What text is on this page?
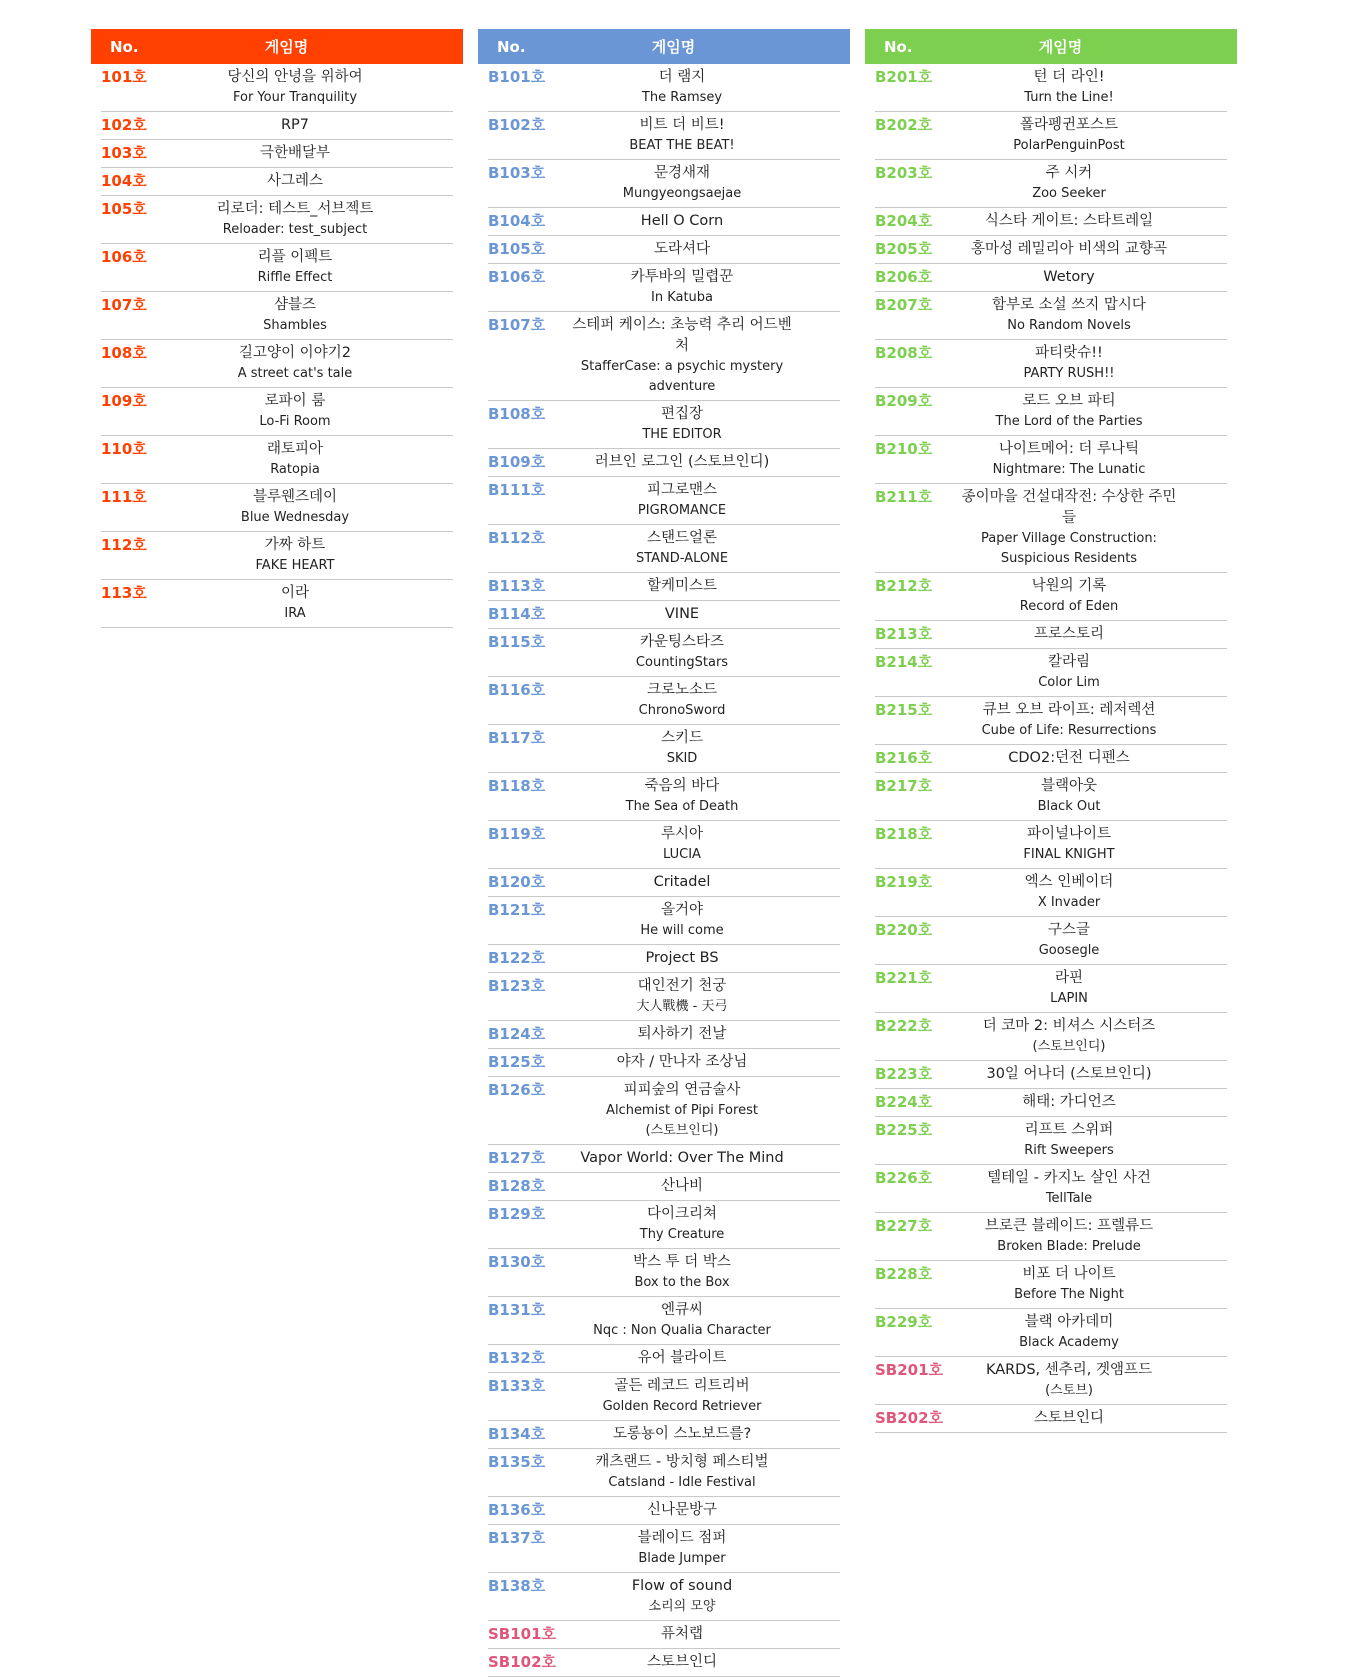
No.	게임명
101호	당신의 안녕을 위하여
For Your Tranquility
102호	RP7
103호	극한배달부
104호	사그레스
105호	리로더: 테스트_서브젝트
Reloader: test_subject
106호	리플 이펙트
Riffle Effect
107호	샴블즈
Shambles
108호	길고양이 이야기2
A street cat's tale
109호	로파이 룸
Lo-Fi Room
110호	래토피아
Ratopia
111호	블루웬즈데이
Blue Wednesday
112호	가짜 하트
FAKE HEART
113호	이라
IRA
No.	게임명
B101호	더 램지
The Ramsey
B102호	비트 더 비트!
BEAT THE BEAT!
B103호	문경새재
Mungyeongsaejae
B104호	Hell O Corn
B105호	도라셔다
B106호	카투바의 밀렵꾼
In Katuba
B107호	스테퍼 케이스: 초능력 추리 어드벤처
StafferCase: a psychic mystery adventure
B108호	편집장
THE EDITOR
B109호	러브인 로그인 (스토브인디)
B111호	피그로맨스
PIGROMANCE
B112호	스탠드얼론
STAND-ALONE
B113호	할케미스트
B114호	VINE
B115호	카운팅스타즈
CountingStars
B116호	크로노소드
ChronoSword
B117호	스키드
SKID
B118호	죽음의 바다
The Sea of Death
B119호	루시아
LUCIA
B120호	Critadel
B121호	올거야
He will come
B122호	Project BS
B123호	대인전기 천궁
大人戰機 - 天弓
B124호	퇴사하기 전날
B125호	야자 / 만나자 조상님
B126호	피피숲의 연금술사
Alchemist of Pipi Forest
(스토브인디)
B127호	Vapor World: Over The Mind
B128호	산나비
B129호	다이크리쳐
Thy Creature
B130호	박스 투 더 박스
Box to the Box
B131호	엔큐씨
Nqc : Non Qualia Character
B132호	유어 블라이트
B133호	골든 레코드 리트리버
Golden Record Retriever
B134호	도롱뇽이 스노보드를?
B135호	캐츠랜드 - 방치형 페스티벌
Catsland - Idle Festival
B136호	신나문방구
B137호	블레이드 점퍼
Blade Jumper
B138호	Flow of sound
소리의 모양
SB101호	퓨처랩
SB102호	스토브인디
No.	게임명
B201호	턴 더 라인!
Turn the Line!
B202호	폴라펭귄포스트
PolarPenguinPost
B203호	주 시커
Zoo Seeker
B204호	식스타 게이트: 스타트레일
B205호	홍마성 레밀리아 비색의 교향곡
B206호	Wetory
B207호	함부로 소설 쓰지 맙시다
No Random Novels
B208호	파티랏슈!!
PARTY RUSH!!
B209호	로드 오브 파티
The Lord of the Parties
B210호	나이트메어: 더 루나틱
Nightmare: The Lunatic
B211호	종이마을 건설대작전: 수상한 주민들
Paper Village Construction:
Suspicious Residents
B212호	낙원의 기록
Record of Eden
B213호	프로스토리
B214호	칼라림
Color Lim
B215호	큐브 오브 라이프: 레저렉션
Cube of Life: Resurrections
B216호	CDO2:던전 디펜스
B217호	블랙아웃
Black Out
B218호	파이널나이트
FINAL KNIGHT
B219호	엑스 인베이더
X Invader
B220호	구스글
Goosegle
B221호	라핀
LAPIN
B222호	더 코마 2: 비셔스 시스터즈
(스토브인디)
B223호	30일 어나더 (스토브인디)
B224호	해태: 가디언즈
B225호	리프트 스위퍼
Rift Sweepers
B226호	텔테일 - 카지노 살인 사건
TellTale
B227호	브로큰 블레이드: 프렐류드
Broken Blade: Prelude
B228호	비포 더 나이트
Before The Night
B229호	블랙 아카데미
Black Academy
SB201호	KARDS, 센추리, 겟앰프드
(스토브)
SB202호	스토브인디
